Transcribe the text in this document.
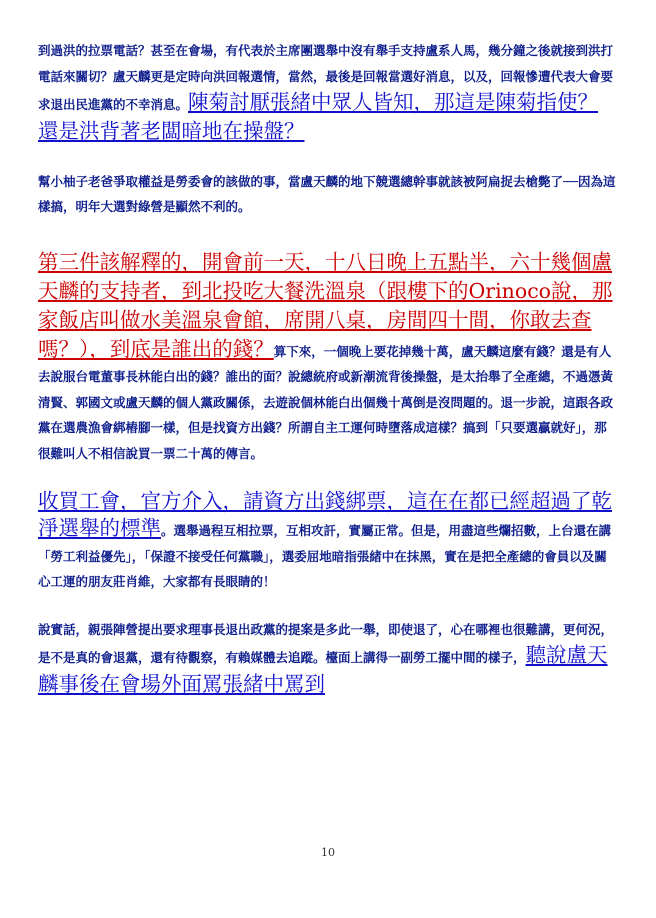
到過洪的拉票電話？甚至在會場，有代表於主席團選舉中沒有舉手支持盧系人馬，幾分鐘之後就接到洪打電話來關切？盧天麟更是定時向洪回報選情，當然，最後是回報當選好消息，以及，回報慘遭代表大會要求退出民進黨的不幸消息。陳菊討厭張緒中眾人皆知，那這是陳菊指使？還是洪背著老闆暗地在操盤？

幫小柚子老爸爭取權益是勞委會的該做的事，當盧天麟的地下競選總幹事就該被阿扁捉去槍斃了──因為這樣搞，明年大選對綠營是顯然不利的。

第三件該解釋的，開會前一天，十八日晚上五點半，六十幾個盧天麟的支持者，到北投吃大餐洗溫泉（跟樓下的Orinoco說，那家飯店叫做水美溫泉會館，席開八桌，房間四十間，你敢去查嗎？），到底是誰出的錢？算下來，一個晚上要花掉幾十萬，盧天麟這麼有錢？還是有人去說服台電董事長林能白出的錢？誰出的面？說總統府或新潮流背後操盤，是太抬舉了全產總，不過憑黃清賢、郭國文或盧天麟的個人黨政關係，去遊說個林能白出個幾十萬倒是沒問題的。退一步說，這跟各政黨在選農漁會綁樁腳一樣，但是找資方出錢？所謂自主工運何時墮落成這樣？搞到「只要選贏就好」，那很難叫人不相信說買一票二十萬的傳言。

收買工會，官方介入，請資方出錢綁票，這在在都已經超過了乾淨選舉的標準。選舉過程互相拉票，互相攻訐，實屬正常。但是，用盡這些爛招數，上台還在講「勞工利益優先」，「保證不接受任何黨職」，選委屈地暗指張緒中在抹黑，實在是把全產總的會員以及關心工運的朋友莊肖維，大家都有長眼睛的！

說實話，親張陣營提出要求理事長退出政黨的提案是多此一舉，即使退了，心在哪裡也很難講，更何況，是不是真的會退黨，還有待觀察，有賴媒體去追蹤。檯面上講得一副勞工擺中間的樣子，聽說盧天麟事後在會場外面罵張緒中罵到

10
